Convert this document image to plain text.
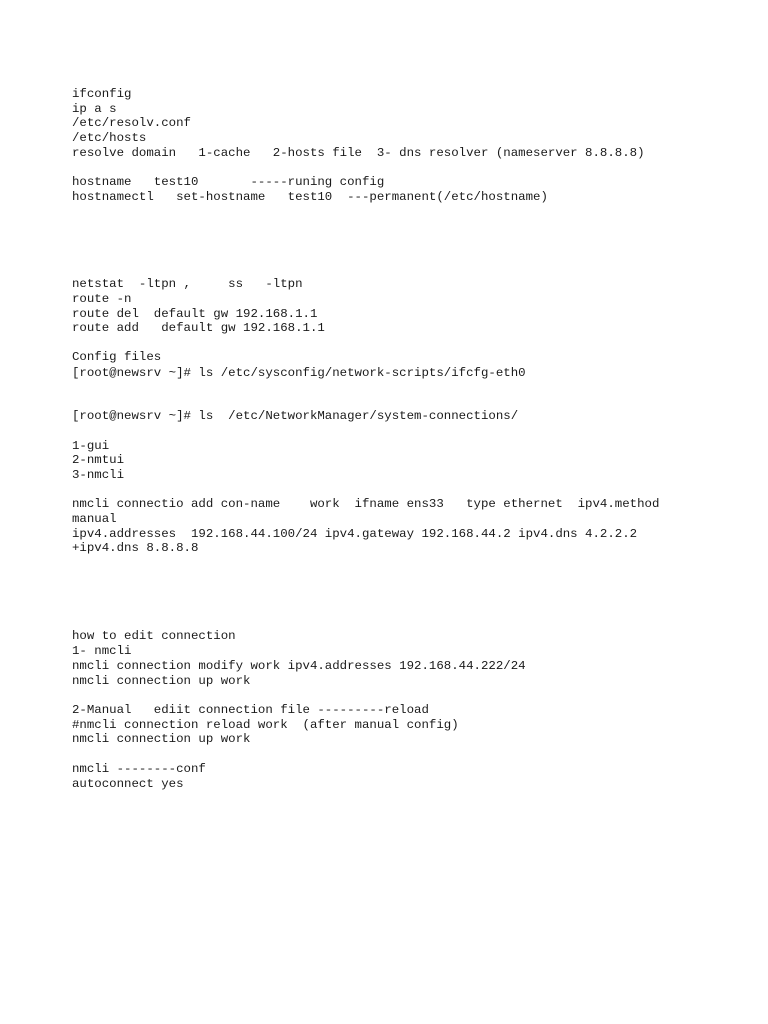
ifconfig

ip a s

/etc/resolv.conf

/etc/hosts

resolve domain   1-cache   2-hosts file  3- dns resolver (nameserver 8.8.8.8)

hostname   test10       -----runing config

hostnamectl   set-hostname   test10  ---permanent(/etc/hostname)

netstat  -ltpn ,     ss   -ltpn

route -n

route del  default gw 192.168.1.1

route add   default gw 192.168.1.1

Config files

[root@newsrv ~]# ls /etc/sysconfig/network-scripts/ifcfg-eth0

[root@newsrv ~]# ls  /etc/NetworkManager/system-connections/

1-gui

2-nmtui

3-nmcli

nmcli connectio add con-name    work  ifname ens33   type ethernet  ipv4.method

manual

ipv4.addresses  192.168.44.100/24 ipv4.gateway 192.168.44.2 ipv4.dns 4.2.2.2

+ipv4.dns 8.8.8.8

how to edit connection

1- nmcli

nmcli connection modify work ipv4.addresses 192.168.44.222/24

nmcli connection up work

2-Manual   ediit connection file ---------reload

#nmcli connection reload work  (after manual config)

nmcli connection up work

nmcli --------conf

autoconnect yes
